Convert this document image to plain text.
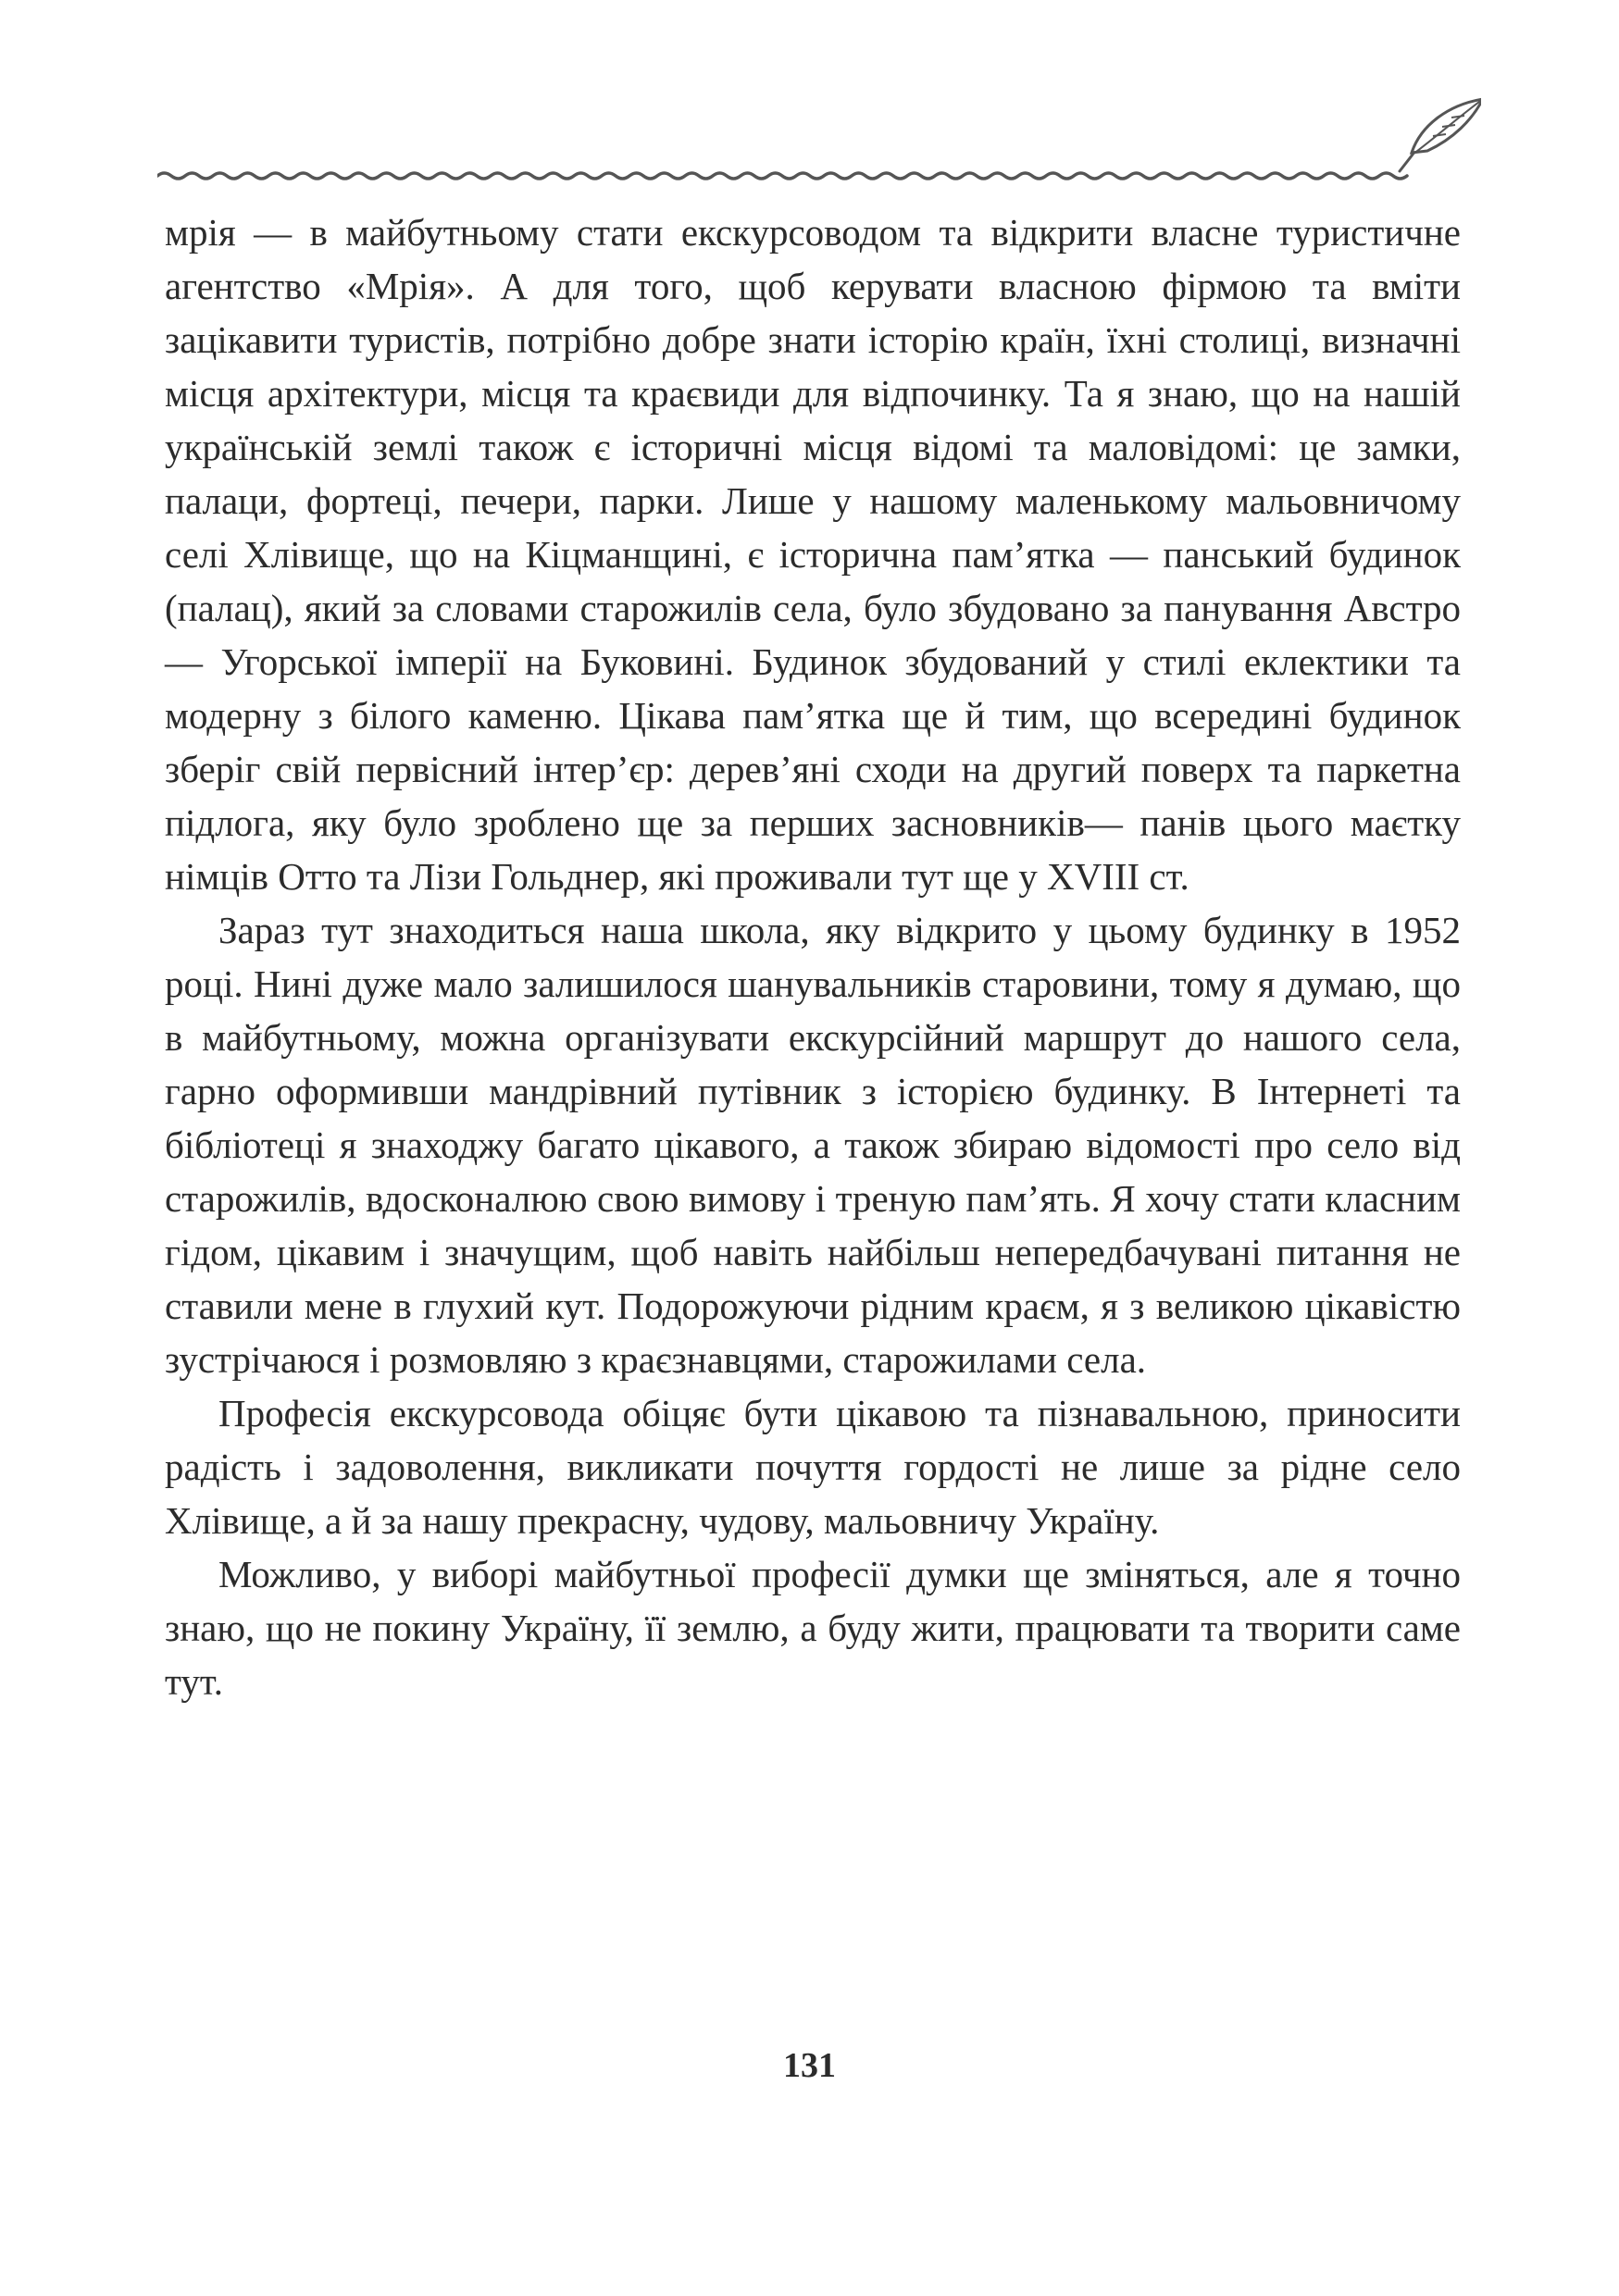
мрія — в майбутньому стати екскурсоводом та відкрити власне туристичне агентство «Мрія». А для того, щоб керувати власною фірмою та вміти зацікавити туристів, потрібно добре знати історію країн, їхні столиці, визначні місця архітектури, місця та краєвиди для відпочинку. Та я знаю, що на нашій українській землі також є історичні місця відомі та маловідомі: це замки, палаци, фортеці, печери, парки. Лише у нашому маленькому мальовничому селі Хлівище, що на Кіцманщині, є історична пам’ятка — панський будинок (палац), який за словами старожилів села, було збудовано за панування Австро— Угорської імперії на Буковині. Будинок збудований у стилі еклектики та модерну з білого каменю. Цікава пам’ятка ще й тим, що всередині будинок зберіг свій первісний інтер’єр: дерев’яні сходи на другий поверх та паркетна підлога, яку було зроблено ще за перших засновників— панів цього маєтку німців Отто та Лізи Гольднер, які проживали тут ще у XVIII ст.

Зараз тут знаходиться наша школа, яку відкрито у цьому будинку в 1952 році. Нині дуже мало залишилося шанувальників старовини, тому я думаю, що в майбутньому, можна організувати екскурсійний маршрут до нашого села, гарно оформивши мандрівний путівник з історією будинку. В Інтернеті та бібліотеці я знаходжу багато цікавого, а також збираю відомості про село від старожилів, вдосконалюю свою вимову і треную пам’ять. Я хочу стати класним гідом, цікавим і значущим, щоб навіть найбільш непередбачувані питання не ставили мене в глухий кут. Подорожуючи рідним краєм, я з великою цікавістю зустрічаюся і розмовляю з краєзнавцями, старожилами села.

Професія екскурсовода обіцяє бути цікавою та пізнавальною, приносити радість і задоволення, викликати почуття гордості не лише за рідне село Хлівище, а й за нашу прекрасну, чудову, мальовничу Україну.

Можливо, у виборі майбутньої професії думки ще зміняться, але я точно знаю, що не покину Україну, її землю, а буду жити, працювати та творити саме тут.

131
